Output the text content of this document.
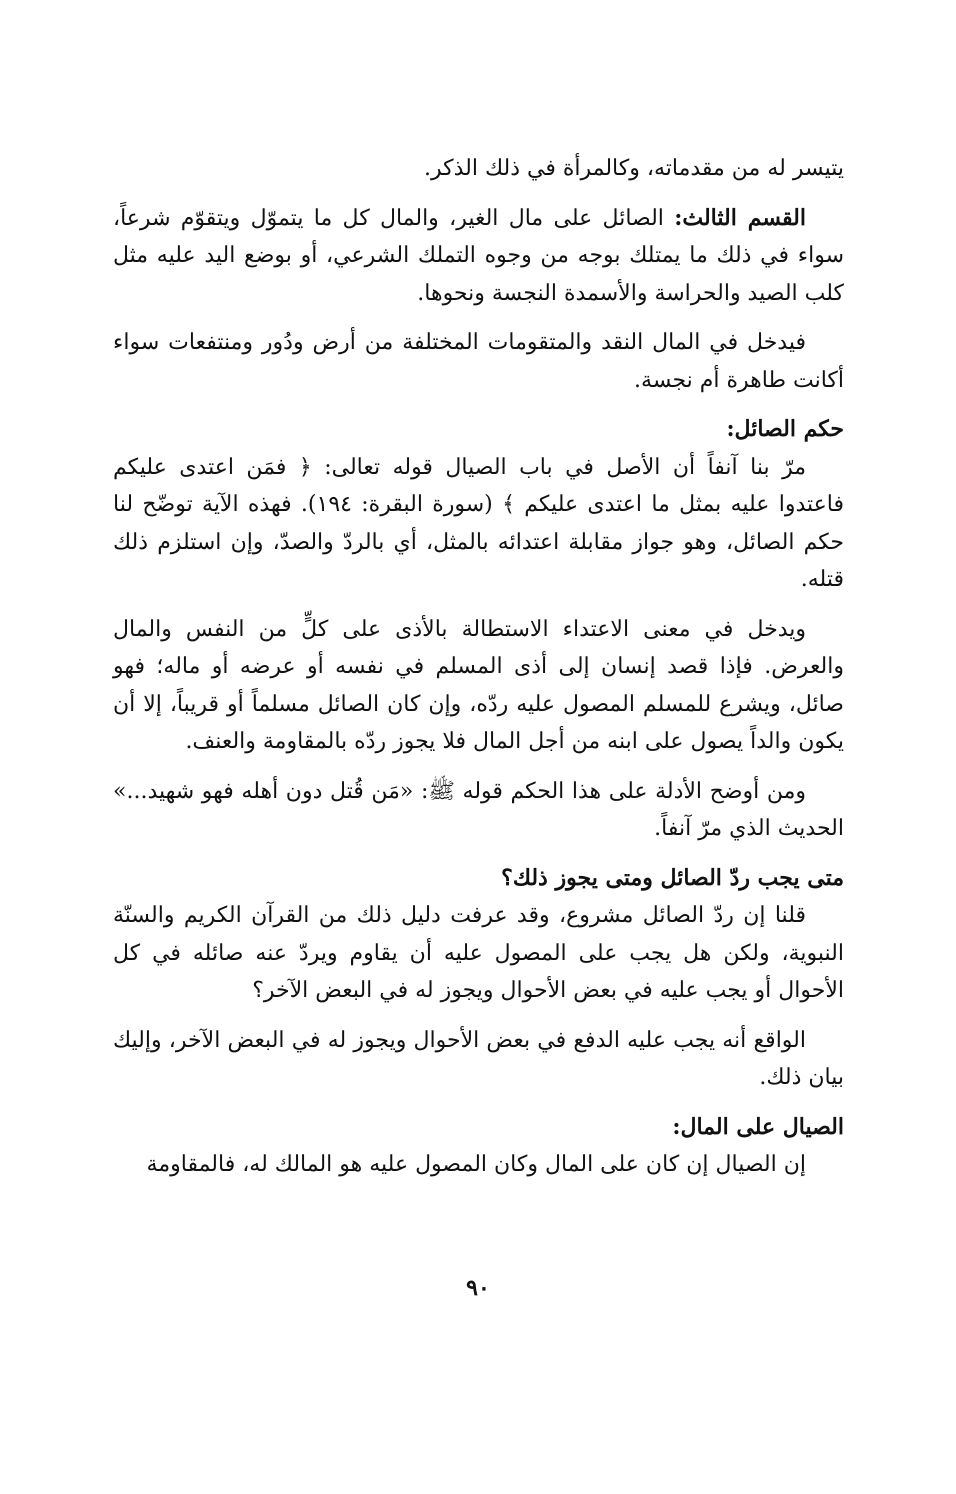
يتيسر له من مقدماته، وكالمرأة في ذلك الذكر.

القسم الثالث: الصائل على مال الغير، والمال كل ما يتموّل ويتقوّم شرعاً، سواء في ذلك ما يمتلك بوجه من وجوه التملك الشرعي، أو بوضع اليد عليه مثل كلب الصيد والحراسة والأسمدة النجسة ونحوها.

فيدخل في المال النقد والمتقومات المختلفة من أرض ودُور ومنتفعات سواء أكانت طاهرة أم نجسة.

حكم الصائل:

مرّ بنا آنفاً أن الأصل في باب الصيال قوله تعالى: ﴿ فمَن اعتدى عليكم فاعتدوا عليه بمثل ما اعتدى عليكم ﴾ (سورة البقرة: ١٩٤). فهذه الآية توضّح لنا حكم الصائل، وهو جواز مقابلة اعتدائه بالمثل، أي بالردّ والصدّ، وإن استلزم ذلك قتله.

ويدخل في معنى الاعتداء الاستطالة بالأذى على كلٍّ من النفس والمال والعرض. فإذا قصد إنسان إلى أذى المسلم في نفسه أو عرضه أو ماله؛ فهو صائل، ويشرع للمسلم المصول عليه ردّه، وإن كان الصائل مسلماً أو قريباً، إلا أن يكون والداً يصول على ابنه من أجل المال فلا يجوز ردّه بالمقاومة والعنف.

ومن أوضح الأدلة على هذا الحكم قوله ﷺ: «مَن قُتل دون أهله فهو شهيد...» الحديث الذي مرّ آنفاً.

متى يجب ردّ الصائل ومتى يجوز ذلك؟

قلنا إن ردّ الصائل مشروع، وقد عرفت دليل ذلك من القرآن الكريم والسنّة النبوية، ولكن هل يجب على المصول عليه أن يقاوم ويردّ عنه صائله في كل الأحوال أو يجب عليه في بعض الأحوال ويجوز له في البعض الآخر؟

الواقع أنه يجب عليه الدفع في بعض الأحوال ويجوز له في البعض الآخر، وإليك بيان ذلك.

الصيال على المال:

إن الصيال إن كان على المال وكان المصول عليه هو المالك له، فالمقاومة

٩٠
